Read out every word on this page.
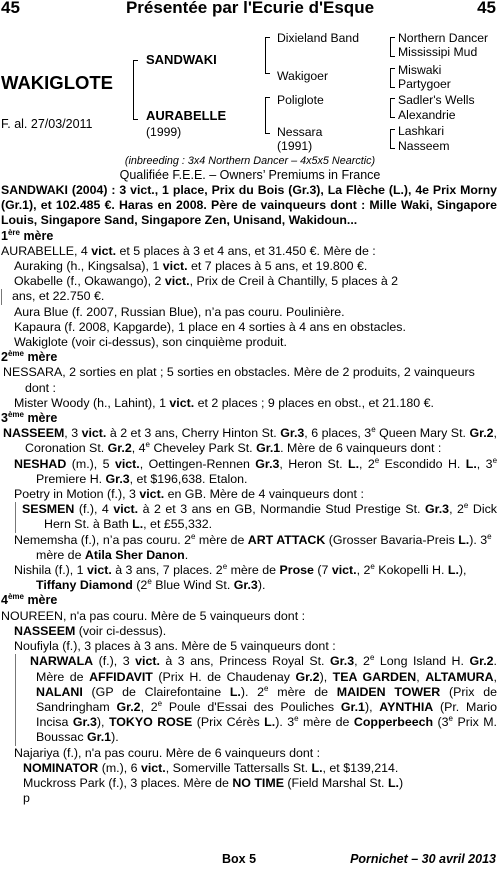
45	Présentée par l'Ecurie d'Esque	45
WAKIGLOTE
F. al. 27/03/2011
SANDWAKI
AURABELLE
(1999)
Dixieland Band
Wakigoer
Poliglote
Nessara
(1991)
Northern Dancer
Mississipi Mud
Miswaki
Partygoer
Sadler's Wells
Alexandrie
Lashkari
Nasseem
(inbreeding : 3x4 Northern Dancer – 4x5x5 Nearctic)
Qualifiée F.E.E. – Owners’ Premiums in France

SANDWAKI (2004) : 3 vict., 1 place, Prix du Bois (Gr.3), La Flèche (L.), 4e Prix Morny (Gr.1), et 102.485 €. Haras en 2008. Père de vainqueurs dont : Mille Waki, Singapore Louis, Singapore Sand, Singapore Zen, Unisand, Wakidoun...

1ère mère

AURABELLE, 4 vict. et 5 places à 3 et 4 ans, et 31.450 €. Mère de :

Auraking (h., Kingsalsa), 1 vict. et 7 places à 5 ans, et 19.800 €.

Okabelle (f., Okawango), 2 vict., Prix de Creil à Chantilly, 5 places à 2

ans, et 22.750 €.

Aura Blue (f. 2007, Russian Blue), n’a pas couru. Poulinière.

Kapaura (f. 2008, Kapgarde), 1 place en 4 sorties à 4 ans en obstacles.

Wakiglote (voir ci-dessus), son cinquième produit.

2ème mère

NESSARA, 2 sorties en plat ; 5 sorties en obstacles. Mère de 2 produits, 2 vainqueurs dont :

Mister Woody (h., Lahint), 1 vict. et 2 places ; 9 places en obst., et 21.180 €.

3ème mère

NASSEEM, 3 vict. à 2 et 3 ans, Cherry Hinton St. Gr.3, 6 places, 3e Queen Mary St. Gr.2, Coronation St. Gr.2, 4e Cheveley Park St. Gr.1. Mère de 6 vainqueurs dont :

NESHAD (m.), 5 vict., Oettingen-Rennen Gr.3, Heron St. L., 2e Escondido H. L., 3e Premiere H. Gr.3, et $196,638. Etalon.

Poetry in Motion (f.), 3 vict. en GB. Mère de 4 vainqueurs dont :

SESMEN (f.), 4 vict. à 2 et 3 ans en GB, Normandie Stud Prestige St. Gr.3, 2e Dick Hern St. à Bath L., et £55,332.

Nememsha (f.), n’a pas couru. 2e mère de ART ATTACK (Grosser Bavaria-Preis L.). 3e mère de Atila Sher Danon.

Nishila (f.), 1 vict. à 3 ans, 7 places. 2e mère de Prose (7 vict., 2e Kokopelli H. L.), Tiffany Diamond (2e Blue Wind St. Gr.3).

4ème mère

NOUREEN, n'a pas couru. Mère de 5 vainqueurs dont :

NASSEEM (voir ci-dessus).

Noufiyla (f.), 3 places à 3 ans. Mère de 5 vainqueurs dont :

NARWALA (f.), 3 vict. à 3 ans, Princess Royal St. Gr.3, 2e Long Island H. Gr.2. Mère de AFFIDAVIT (Prix H. de Chaudenay Gr.2), TEA GARDEN, ALTAMURA, NALANI (GP de Clairefontaine L.). 2e mère de MAIDEN TOWER (Prix de Sandringham Gr.2, 2e Poule d'Essai des Pouliches Gr.1), AYNTHIA (Pr. Mario Incisa Gr.3), TOKYO ROSE (Prix Cérès L.). 3e mère de Copperbeech (3e Prix M. Boussac Gr.1).

Najariya (f.), n'a pas couru. Mère de 6 vainqueurs dont :

NOMINATOR (m.), 6 vict., Somerville Tattersalls St. L., et $139,214.

Muckross Park (f.), 3 places. Mère de NO TIME (Field Marshal St. L.)

p

Box 5	Pornichet – 30 avril 2013
